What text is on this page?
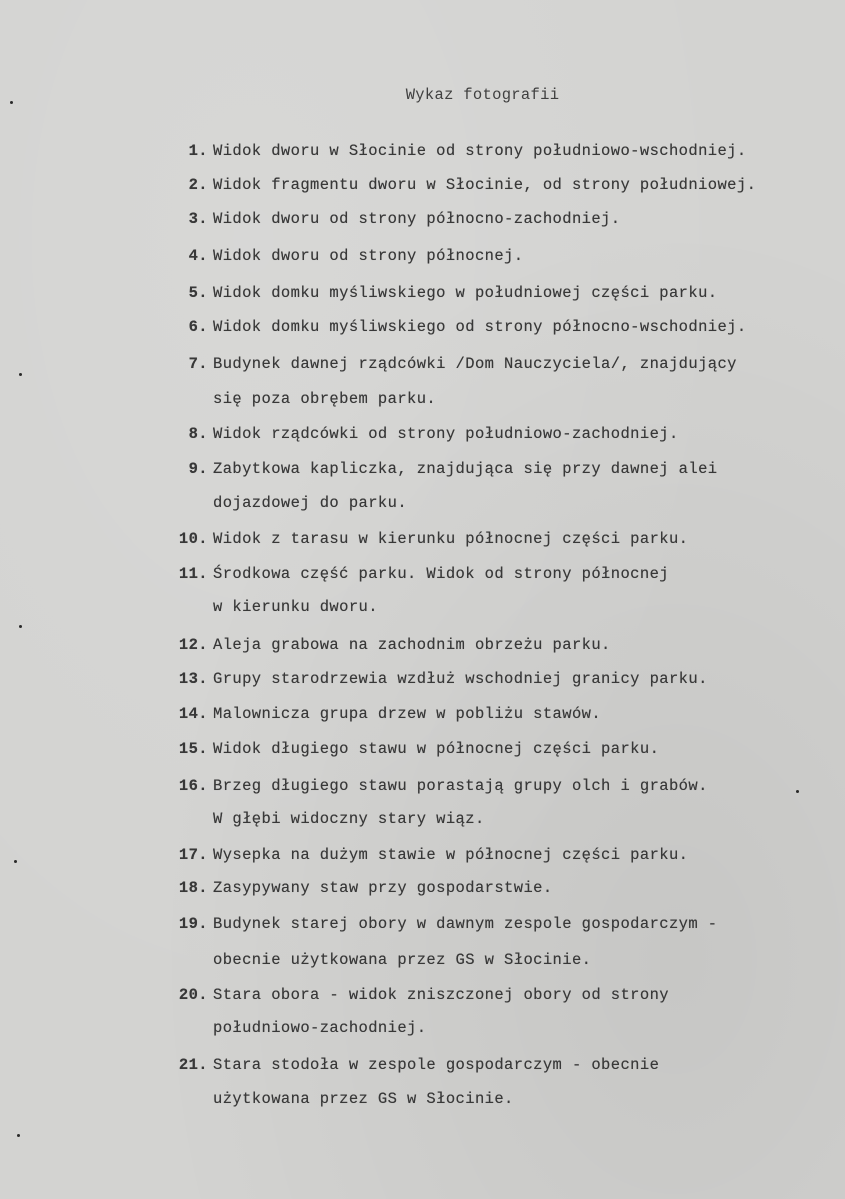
Wykaz fotografii
1. Widok dworu w Słocinie od strony południowo-wschodniej.
2. Widok fragmentu dworu w Słocinie, od strony południowej.
3. Widok dworu od strony północno-zachodniej.
4. Widok dworu od strony północnej.
5. Widok domku myśliwskiego w południowej części parku.
6. Widok domku myśliwskiego od strony północno-wschodniej.
7. Budynek dawnej rządcówki /Dom Nauczyciela/, znajdujący
się poza obrębem parku.
8. Widok rządcówki od strony południowo-zachodniej.
9. Zabytkowa kapliczka, znajdująca się przy dawnej alei
dojazdowej do parku.
10. Widok z tarasu w kierunku północnej części parku.
11. Środkowa część parku. Widok od strony północnej
w kierunku dworu.
12. Aleja grabowa na zachodnim obrzeżu parku.
13. Grupy starodrzewia wzdłuż wschodniej granicy parku.
14. Malownicza grupa drzew w pobliżu stawów.
15. Widok długiego stawu w północnej części parku.
16. Brzeg długiego stawu porastają grupy olch i grabów.
W głębi widoczny stary wiąz.
17. Wysepka na dużym stawie w północnej części parku.
18. Zasypywany staw przy gospodarstwie.
19. Budynek starej obory w dawnym zespole gospodarczym -
obecnie użytkowana przez GS w Słocinie.
20. Stara obora - widok zniszczonej obory od strony
południowo-zachodniej.
21. Stara stodoła w zespole gospodarczym - obecnie
użytkowana przez GS w Słocinie.
